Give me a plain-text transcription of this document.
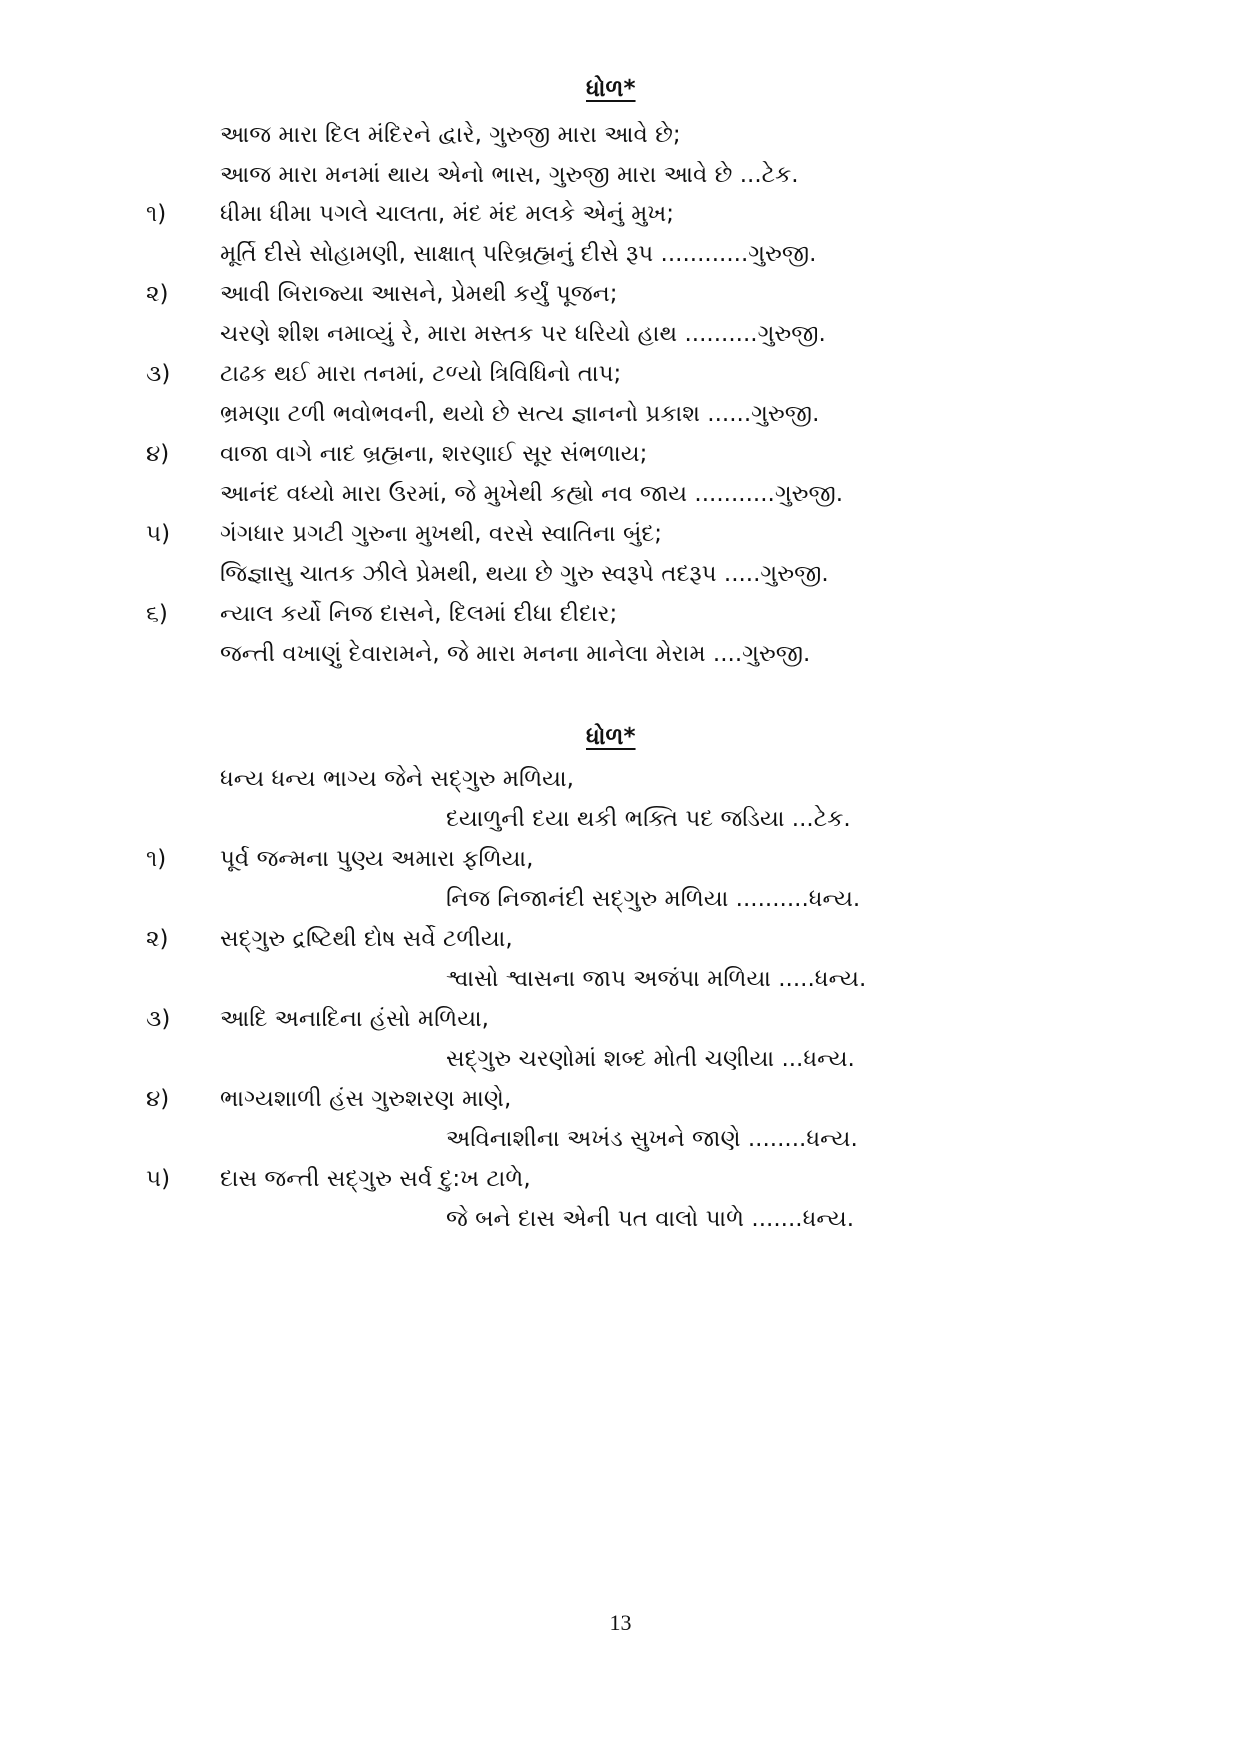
ધોળ*
આજ મારા દિલ મંદિરને દ્વારે, ગુરુજી મારા આવે છે;
આજ મારા મનમાં થાય એનો ભાસ, ગુરુજી મારા આવે છે ...ટેક.
૧) ધીમા ધીમા પગલે ચાલતા, મંદ મંદ મલકે એનું મુખ;
મૂર્તિ દીસે સોહામણી, સાક્ષાત્ પરિબ્રહ્મનું દીસે રૂપ ............ગુરુજી.
૨) આવી બિરાજ્યા આસને, પ્રેમથી કર્યું પૂજન;
ચરણે શીશ નમાવ્યું રે, મારા મસ્તક પર ધરિયો હાથ ..........ગુરુજી.
૩) ટાઢક થઈ મારા તનમાં, ટળ્યો ત્રિવિધિનો તાપ;
ભ્રમણા ટળી ભવોભવની, થયો છે સત્ય જ્ઞાનનો પ્રકાશ ......ગુરુજી.
૪) વાજા વાગે નાદ બ્રહ્મના, શરણાઈ સૂર સંભળાય;
આનંદ વધ્યો મારા ઉરમાં, જે મુખેથી કહ્યો નવ જાય ...........ગુરુજી.
૫) ગંગધાર પ્રગટી ગુરુના મુખથી, વરસે સ્વાતિના બુંદ;
જિજ્ઞાસુ ચાતક ઝીલે પ્રેમથી, થયા છે ગુરુ સ્વરૂપે તદરૂપ .....ગુરુજી.
૬) ન્યાલ કર્યો નિજ દાસને, દિલમાં દીધા દીદાર;
જન્તી વખાણું દેવારામને, જે મારા મનના માનેલા મેરામ ....ગુરુજી.
ધોળ*
ધન્ય ધન્ય ભાગ્ય જેને સદ્ગુરુ મળિયા,
દયાળુની દયા થકી ભક્તિ પદ જડિયા ...ટેક.
૧) પૂર્વ જન્મના પુણ્ય અમારા ફળિયા,
નિજ નિજાનંદી સદ્ગુરુ મળિયા ..........ધન્ય.
૨) સદ્ગુરુ દ્રષ્ટિથી દોષ સર્વે ટળીયા,
શ્વાસો શ્વાસના જાપ અજંપા મળિયા .....ધન્ય.
૩) આદિ અનાદિના હંસો મળિયા,
સદ્ગુરુ ચરણોમાં શબ્દ મોતી ચણીયા ...ધન્ય.
૪) ભાગ્યશાળી હંસ ગુરુશરણ માણે,
અવિનાશીના અખંડ સુખને જાણે ........ધન્ય.
૫) દાસ જન્તી સદ્ગુરુ સર્વ દુ:ખ ટાળે,
જે બને દાસ એની પત વાલો પાળે .......ધન્ય.
13
